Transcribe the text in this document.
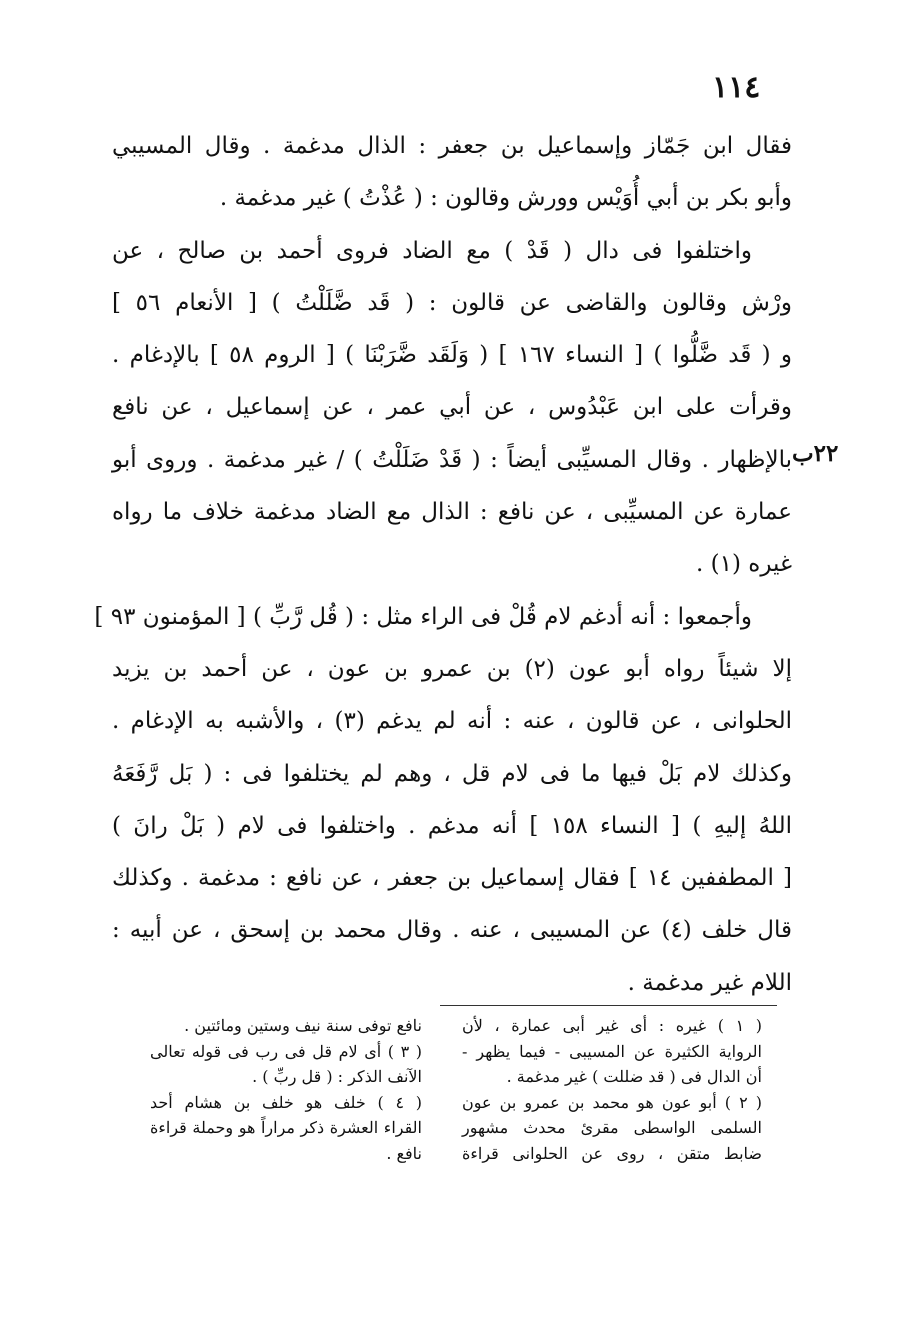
١١٤
٢٢ب
فقال ابن جَمّاز وإسماعيل بن جعفر : الذال مدغمة . وقال المسيبي
وأبو بكر بن أبي أُوَيْس وورش وقالون : ( عُذْتُ ) غير مدغمة .
واختلفوا فى دال ( قَدْ ) مع الضاد فروى أحمد بن صالح ، عن
ورْش وقالون والقاضى عن قالون : ( قَد ضَّلَلْتُ ) [ الأنعام ٥٦ ]
و ( قَد ضَّلُّوا ) [ النساء ١٦٧ ] ( وَلَقَد ضَّرَبْنَا ) [ الروم ٥٨ ] بالإدغام .
وقرأت على ابن عَبْدُوس ، عن أبي عمر ، عن إسماعيل ، عن نافع
بالإظهار . وقال المسيِّبى أيضاً : ( قَدْ ضَلَلْتُ ) / غير مدغمة . وروى أبو
عمارة عن المسيِّبى ، عن نافع : الذال مع الضاد مدغمة خلاف ما رواه
غيره (١) .
وأجمعوا : أنه أدغم لام قُلْ فى الراء مثل : ( قُل رَّبِّ ) [ المؤمنون ٩٣ ]
إلا شيئاً رواه أبو عون (٢) بن عمرو بن عون ، عن أحمد بن يزيد
الحلوانى ، عن قالون ، عنه : أنه لم يدغم (٣) ، والأشبه به الإدغام .
وكذلك لام بَلْ فيها ما فى لام قل ، وهم لم يختلفوا فى : ( بَل رَّفَعَهُ
اللهُ إليهِ ) [ النساء ١٥٨ ] أنه مدغم . واختلفوا فى لام ( بَلْ رانَ )
[ المطففين ١٤ ] فقال إسماعيل بن جعفر ، عن نافع : مدغمة . وكذلك
قال خلف (٤) عن المسيبى ، عنه . وقال محمد بن إسحق ، عن أبيه :
اللام غير مدغمة .
( ١ ) غيره : أى غير أبى عمارة ، لأن
الرواية الكثيرة عن المسيبى - فيما يظهر -
أن الدال فى ( قد ضللت ) غير مدغمة .
( ٢ ) أبو عون هو محمد بن عمرو بن عون
السلمى الواسطى مقرئ محدث مشهور
ضابط متقن ، روى عن الحلوانى قراءة
نافع توفى سنة نيف وستين ومائتين .
( ٣ ) أى لام قل فى رب فى قوله تعالى
الآنف الذكر : ( قل ربِّ ) .
( ٤ ) خلف هو خلف بن هشام أحد
القراء العشرة ذكر مراراً هو وحملة قراءة
نافع .
